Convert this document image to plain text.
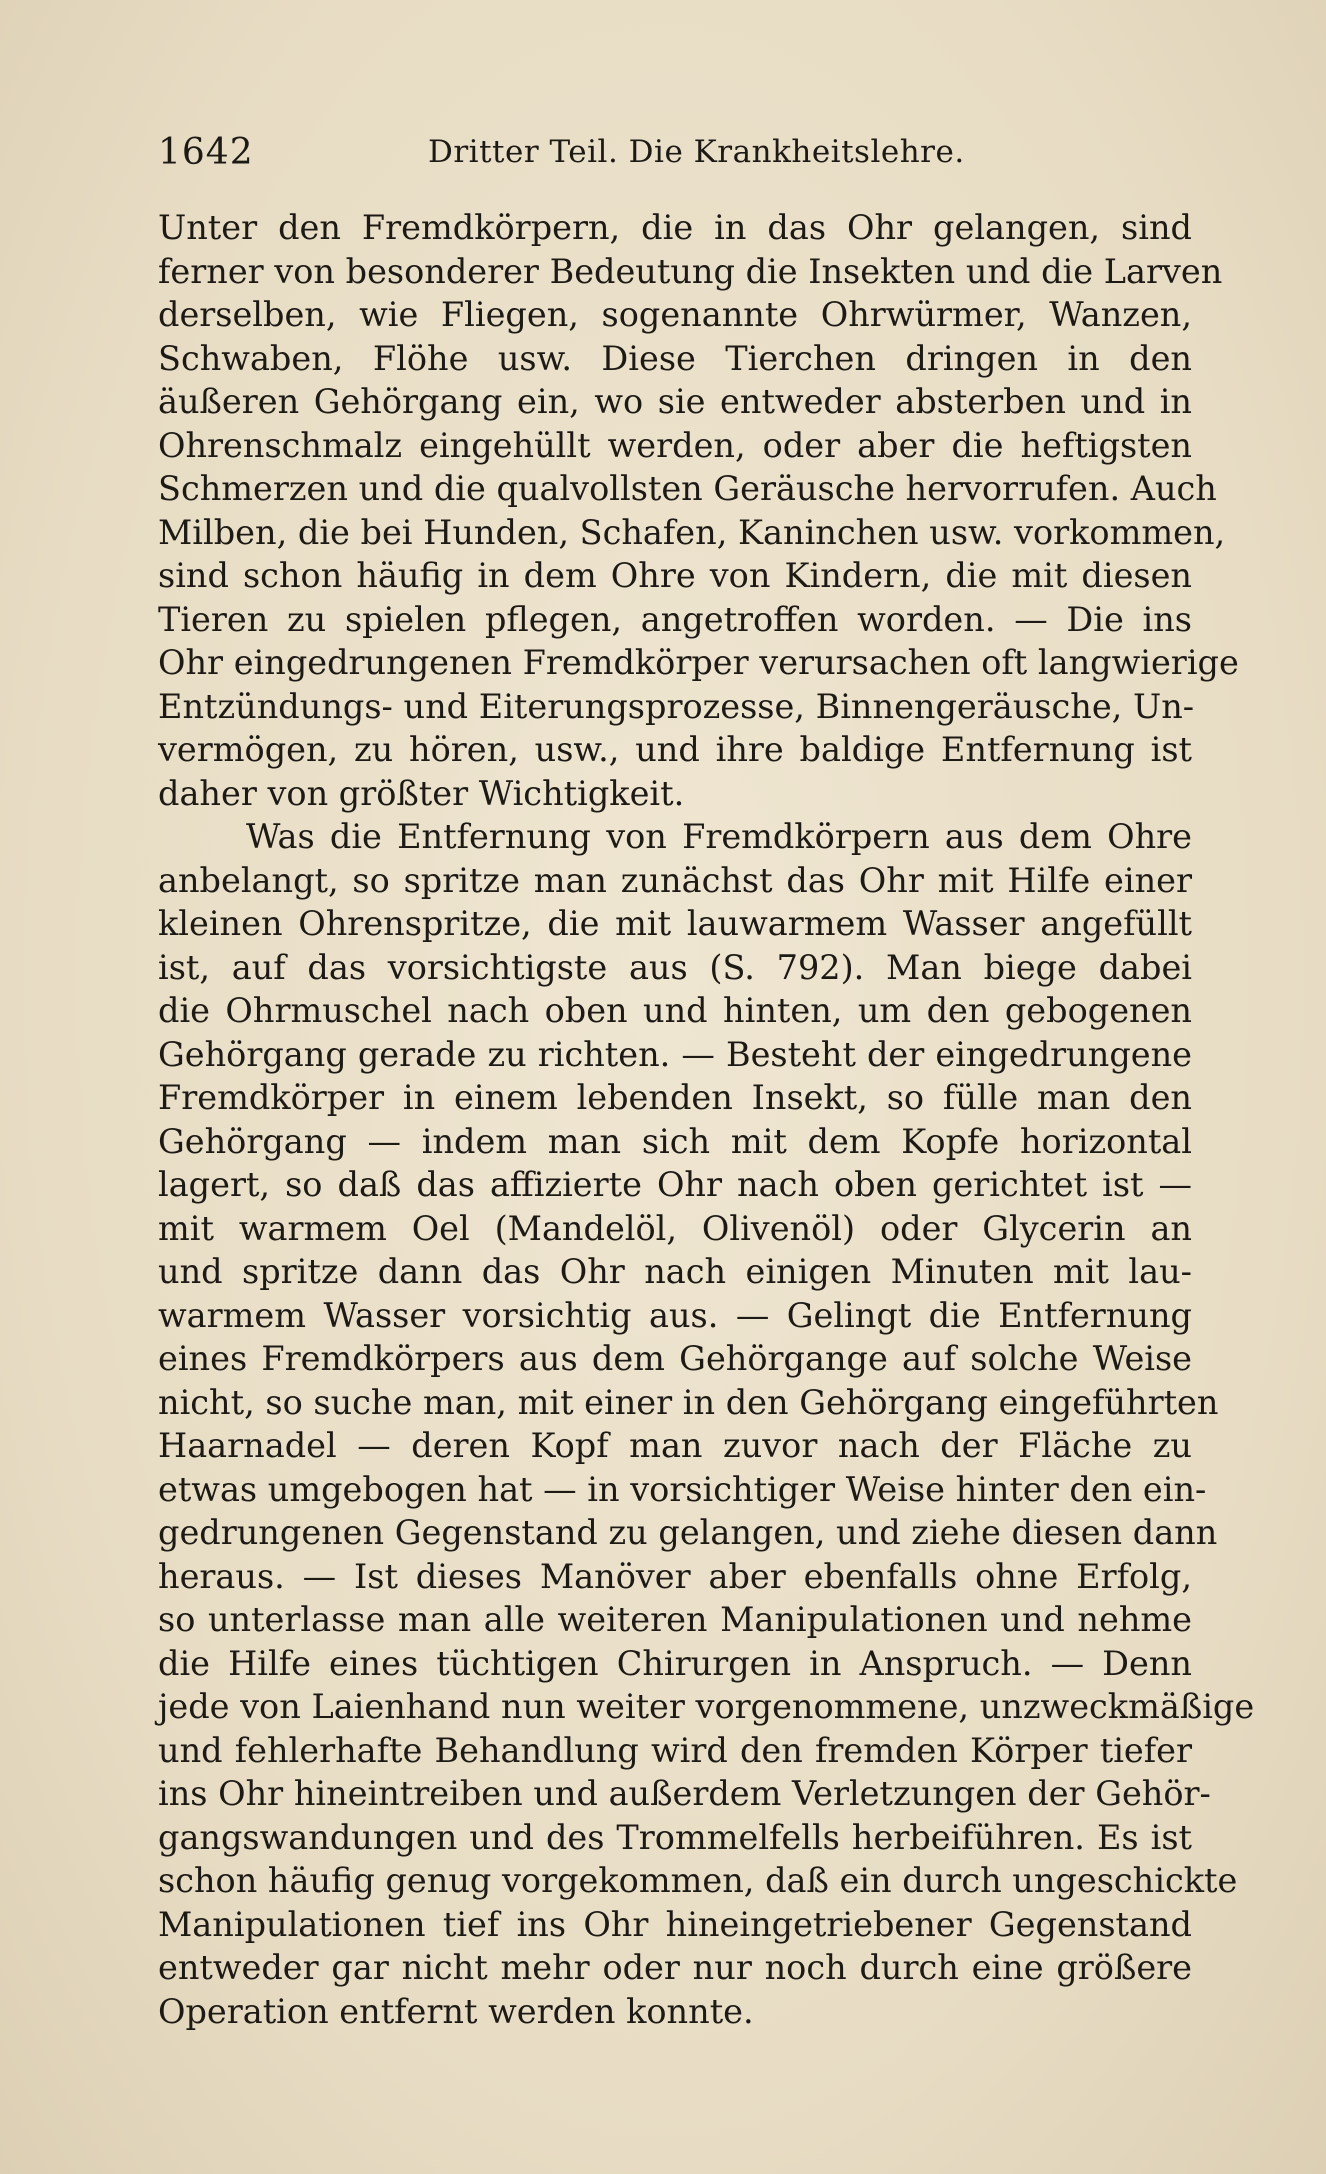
1642	Dritter Teil. Die Krankheitslehre.
Unter den Fremdkörpern, die in das Ohr gelangen, sind
ferner von besonderer Bedeutung die Insekten und die Larven
derselben, wie Fliegen, sogenannte Ohrwürmer, Wanzen,
Schwaben, Flöhe usw. Diese Tierchen dringen in den
äußeren Gehörgang ein, wo sie entweder absterben und in
Ohrenschmalz eingehüllt werden, oder aber die heftigsten
Schmerzen und die qualvollsten Geräusche hervorrufen. Auch
Milben, die bei Hunden, Schafen, Kaninchen usw. vorkommen,
sind schon häufig in dem Ohre von Kindern, die mit diesen
Tieren zu spielen pflegen, angetroffen worden. — Die ins
Ohr eingedrungenen Fremdkörper verursachen oft langwierige
Entzündungs- und Eiterungsprozesse, Binnengeräusche, Un-
vermögen, zu hören, usw., und ihre baldige Entfernung ist
daher von größter Wichtigkeit.
Was die Entfernung von Fremdkörpern aus dem Ohre
anbelangt, so spritze man zunächst das Ohr mit Hilfe einer
kleinen Ohrenspritze, die mit lauwarmem Wasser angefüllt
ist, auf das vorsichtigste aus (S. 792). Man biege dabei
die Ohrmuschel nach oben und hinten, um den gebogenen
Gehörgang gerade zu richten. — Besteht der eingedrungene
Fremdkörper in einem lebenden Insekt, so fülle man den
Gehörgang — indem man sich mit dem Kopfe horizontal
lagert, so daß das affizierte Ohr nach oben gerichtet ist —
mit warmem Oel (Mandelöl, Olivenöl) oder Glycerin an
und spritze dann das Ohr nach einigen Minuten mit lau-
warmem Wasser vorsichtig aus. — Gelingt die Entfernung
eines Fremdkörpers aus dem Gehörgange auf solche Weise
nicht, so suche man, mit einer in den Gehörgang eingeführten
Haarnadel — deren Kopf man zuvor nach der Fläche zu
etwas umgebogen hat — in vorsichtiger Weise hinter den ein-
gedrungenen Gegenstand zu gelangen, und ziehe diesen dann
heraus. — Ist dieses Manöver aber ebenfalls ohne Erfolg,
so unterlasse man alle weiteren Manipulationen und nehme
die Hilfe eines tüchtigen Chirurgen in Anspruch. — Denn
jede von Laienhand nun weiter vorgenommene, unzweckmäßige
und fehlerhafte Behandlung wird den fremden Körper tiefer
ins Ohr hineintreiben und außerdem Verletzungen der Gehör-
gangswandungen und des Trommelfells herbeiführen. Es ist
schon häufig genug vorgekommen, daß ein durch ungeschickte
Manipulationen tief ins Ohr hineingetriebener Gegenstand
entweder gar nicht mehr oder nur noch durch eine größere
Operation entfernt werden konnte.
